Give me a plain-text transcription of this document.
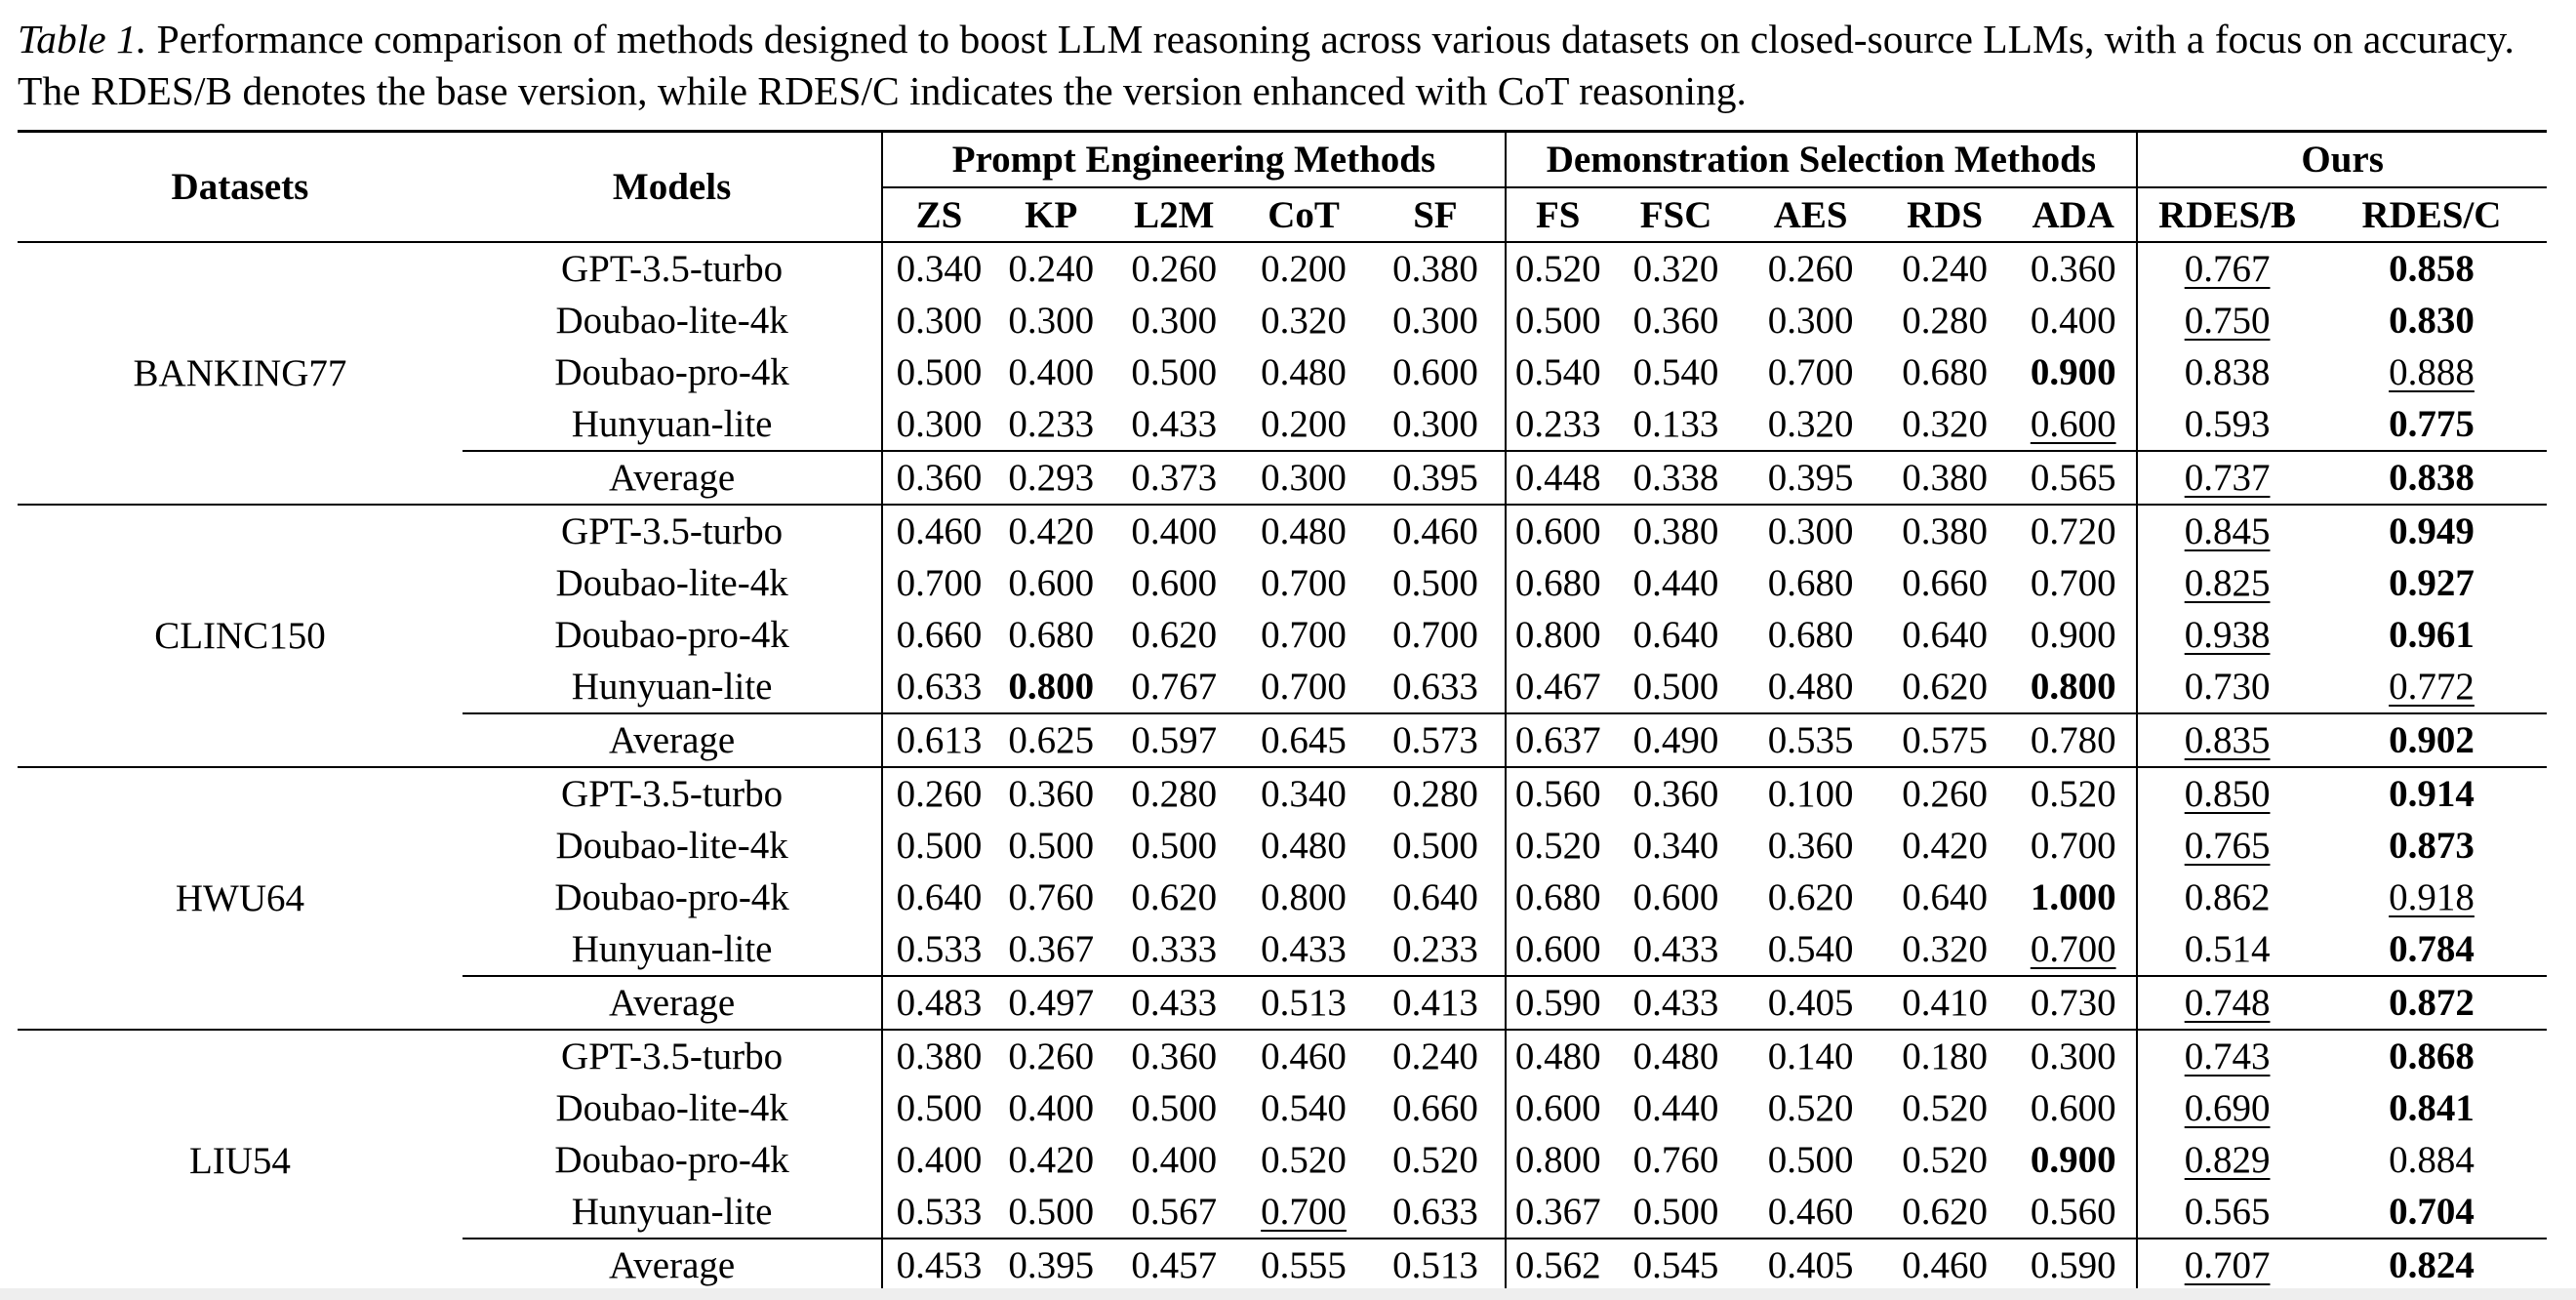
Table 1. Performance comparison of methods designed to boost LLM reasoning across various datasets on closed-source LLMs, with a focus on accuracy. The RDES/B denotes the base version, while RDES/C indicates the version enhanced with CoT reasoning.

Datasets	Models	Prompt Engineering Methods					Demonstration Selection Methods					Ours	
		ZS	KP	L2M	CoT	SF	FS	FSC	AES	RDS	ADA	RDES/B	RDES/C
BANKING77	GPT-3.5-turbo	0.340	0.240	0.260	0.200	0.380	0.520	0.320	0.260	0.240	0.360	0.767	0.858
	Doubao-lite-4k	0.300	0.300	0.300	0.320	0.300	0.500	0.360	0.300	0.280	0.400	0.750	0.830
	Doubao-pro-4k	0.500	0.400	0.500	0.480	0.600	0.540	0.540	0.700	0.680	0.900	0.838	0.888
	Hunyuan-lite	0.300	0.233	0.433	0.200	0.300	0.233	0.133	0.320	0.320	0.600	0.593	0.775
	Average	0.360	0.293	0.373	0.300	0.395	0.448	0.338	0.395	0.380	0.565	0.737	0.838
CLINC150	GPT-3.5-turbo	0.460	0.420	0.400	0.480	0.460	0.600	0.380	0.300	0.380	0.720	0.845	0.949
	Doubao-lite-4k	0.700	0.600	0.600	0.700	0.500	0.680	0.440	0.680	0.660	0.700	0.825	0.927
	Doubao-pro-4k	0.660	0.680	0.620	0.700	0.700	0.800	0.640	0.680	0.640	0.900	0.938	0.961
	Hunyuan-lite	0.633	0.800	0.767	0.700	0.633	0.467	0.500	0.480	0.620	0.800	0.730	0.772
	Average	0.613	0.625	0.597	0.645	0.573	0.637	0.490	0.535	0.575	0.780	0.835	0.902
HWU64	GPT-3.5-turbo	0.260	0.360	0.280	0.340	0.280	0.560	0.360	0.100	0.260	0.520	0.850	0.914
	Doubao-lite-4k	0.500	0.500	0.500	0.480	0.500	0.520	0.340	0.360	0.420	0.700	0.765	0.873
	Doubao-pro-4k	0.640	0.760	0.620	0.800	0.640	0.680	0.600	0.620	0.640	1.000	0.862	0.918
	Hunyuan-lite	0.533	0.367	0.333	0.433	0.233	0.600	0.433	0.540	0.320	0.700	0.514	0.784
	Average	0.483	0.497	0.433	0.513	0.413	0.590	0.433	0.405	0.410	0.730	0.748	0.872
LIU54	GPT-3.5-turbo	0.380	0.260	0.360	0.460	0.240	0.480	0.480	0.140	0.180	0.300	0.743	0.868
	Doubao-lite-4k	0.500	0.400	0.500	0.540	0.660	0.600	0.440	0.520	0.520	0.600	0.690	0.841
	Doubao-pro-4k	0.400	0.420	0.400	0.520	0.520	0.800	0.760	0.500	0.520	0.900	0.829	0.884
	Hunyuan-lite	0.533	0.500	0.567	0.700	0.633	0.367	0.500	0.460	0.620	0.560	0.565	0.704
	Average	0.453	0.395	0.457	0.555	0.513	0.562	0.545	0.405	0.460	0.590	0.707	0.824
